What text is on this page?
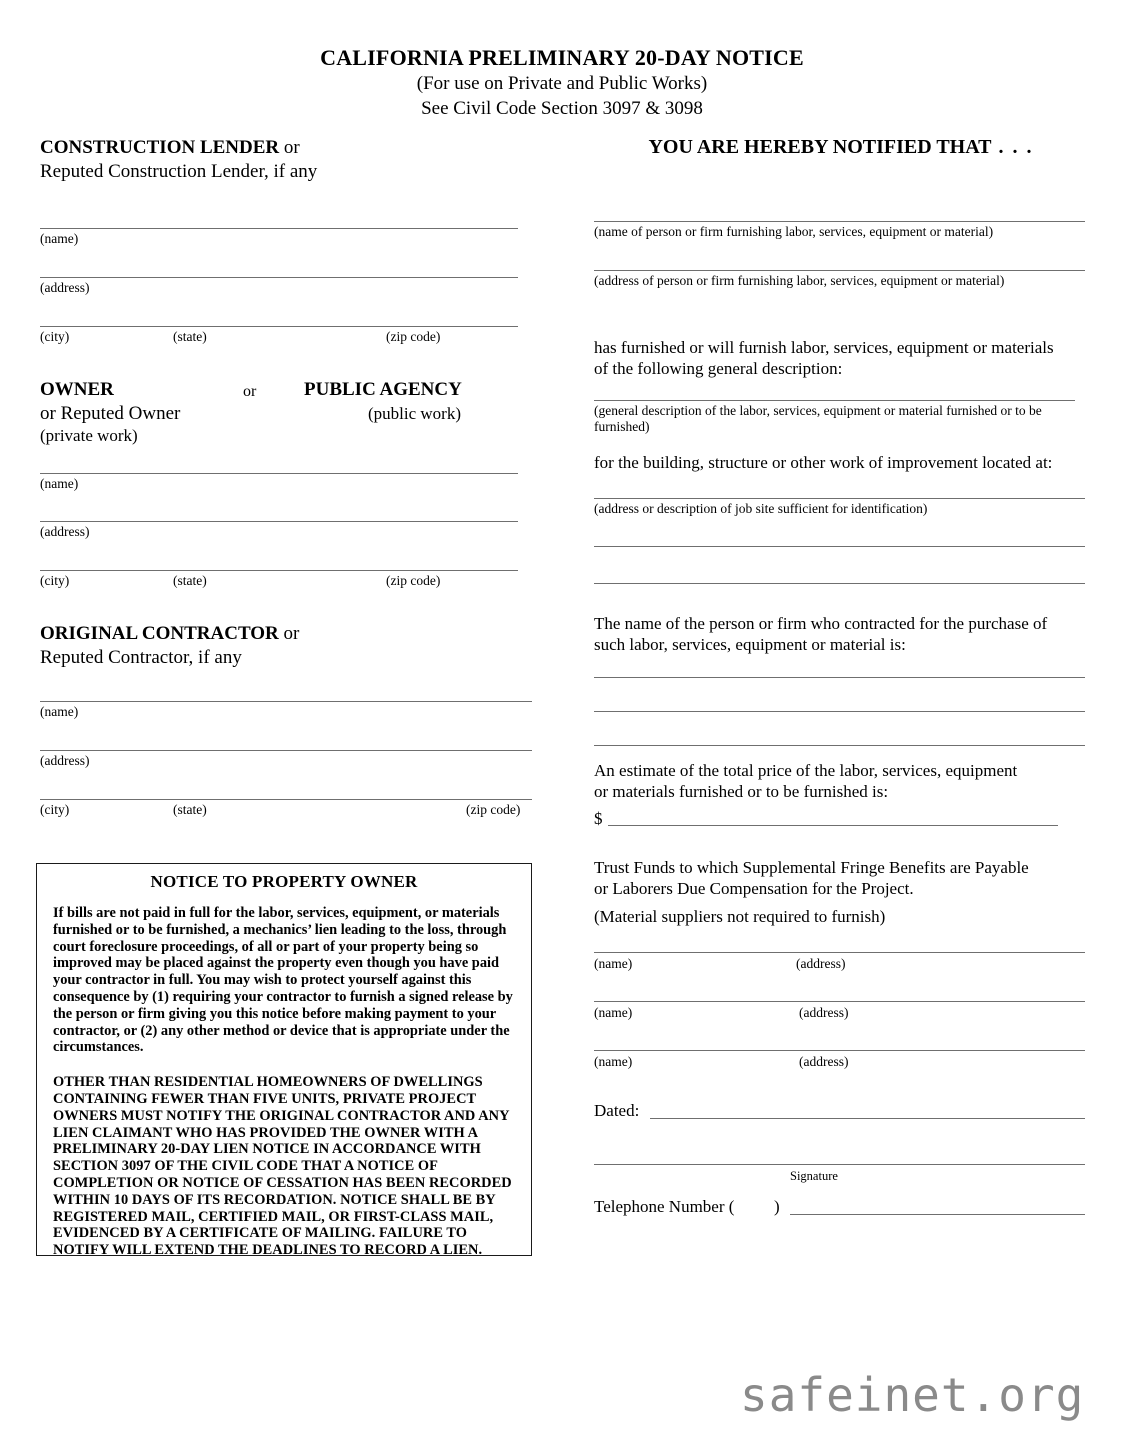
CALIFORNIA PRELIMINARY 20-DAY NOTICE
(For use on Private and Public Works)
See Civil Code Section 3097 & 3098
CONSTRUCTION LENDER or
Reputed Construction Lender, if any
(name)
(address)
(city)	(state)	(zip code)
OWNER	or	PUBLIC AGENCY
or Reputed Owner	(public work)
(private work)
(name)
(address)
(city)	(state)	(zip code)
ORIGINAL CONTRACTOR or
Reputed Contractor, if any
(name)
(address)
(city)	(state)	(zip code)
NOTICE TO PROPERTY OWNER
If bills are not paid in full for the labor, services, equipment, or materials furnished or to be furnished, a mechanics’ lien leading to the loss, through court foreclosure proceedings, of all or part of your property being so improved may be placed against the property even though you have paid your contractor in full. You may wish to protect yourself against this consequence by (1) requiring your contractor to furnish a signed release by the person or firm giving you this notice before making payment to your contractor, or (2) any other method or device that is appropriate under the circumstances.
OTHER THAN RESIDENTIAL HOMEOWNERS OF DWELLINGS CONTAINING FEWER THAN FIVE UNITS, PRIVATE PROJECT OWNERS MUST NOTIFY THE ORIGINAL CONTRACTOR AND ANY LIEN CLAIMANT WHO HAS PROVIDED THE OWNER WITH A PRELIMINARY 20-DAY LIEN NOTICE IN ACCORDANCE WITH SECTION 3097 OF THE CIVIL CODE THAT A NOTICE OF COMPLETION OR NOTICE OF CESSATION HAS BEEN RECORDED WITHIN 10 DAYS OF ITS RECORDATION. NOTICE SHALL BE BY REGISTERED MAIL, CERTIFIED MAIL, OR FIRST-CLASS MAIL, EVIDENCED BY A CERTIFICATE OF MAILING. FAILURE TO NOTIFY WILL EXTEND THE DEADLINES TO RECORD A LIEN.
YOU ARE HEREBY NOTIFIED THAT . . .
(name of person or firm furnishing labor, services, equipment or material)
(address of person or firm furnishing labor, services, equipment or material)
has furnished or will furnish labor, services, equipment or materials of the following general description:
(general description of the labor, services, equipment or material furnished or to be furnished)
for the building, structure or other work of improvement located at:
(address or description of job site sufficient for identification)
The name of the person or firm who contracted for the purchase of such labor, services, equipment or material is:
An estimate of the total price of the labor, services, equipment or materials furnished or to be furnished is:
$
Trust Funds to which Supplemental Fringe Benefits are Payable or Laborers Due Compensation for the Project.
(Material suppliers not required to furnish)
(name)	(address)
(name)	(address)
(name)	(address)
Dated:
Signature
Telephone Number ( )
safeinet.org
